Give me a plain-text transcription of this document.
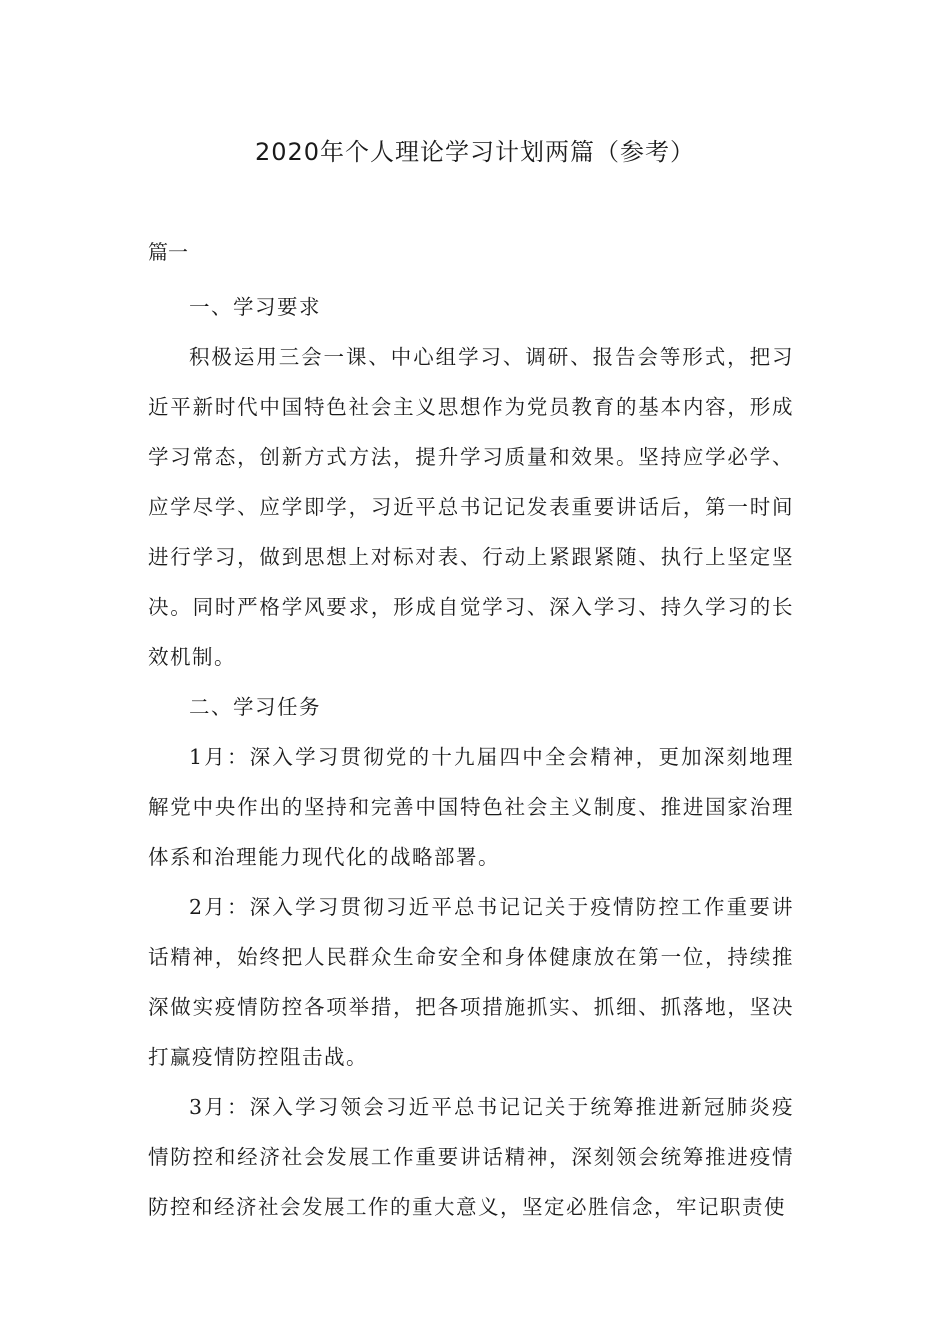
2020年个人理论学习计划两篇（参考）
篇一

一、学习要求

积极运用三会一课、中心组学习、调研、报告会等形式，把习近平新时代中国特色社会主义思想作为党员教育的基本内容，形成学习常态，创新方式方法，提升学习质量和效果。坚持应学必学、应学尽学、应学即学，习近平总书记记发表重要讲话后，第一时间进行学习，做到思想上对标对表、行动上紧跟紧随、执行上坚定坚决。同时严格学风要求，形成自觉学习、深入学习、持久学习的长效机制。

二、学习任务

1月：深入学习贯彻党的十九届四中全会精神，更加深刻地理解党中央作出的坚持和完善中国特色社会主义制度、推进国家治理体系和治理能力现代化的战略部署。

2月：深入学习贯彻习近平总书记记关于疫情防控工作重要讲话精神，始终把人民群众生命安全和身体健康放在第一位，持续推深做实疫情防控各项举措，把各项措施抓实、抓细、抓落地，坚决打赢疫情防控阻击战。

3月：深入学习领会习近平总书记记关于统筹推进新冠肺炎疫情防控和经济社会发展工作重要讲话精神，深刻领会统筹推进疫情防控和经济社会发展工作的重大意义，坚定必胜信念，牢记职责使
